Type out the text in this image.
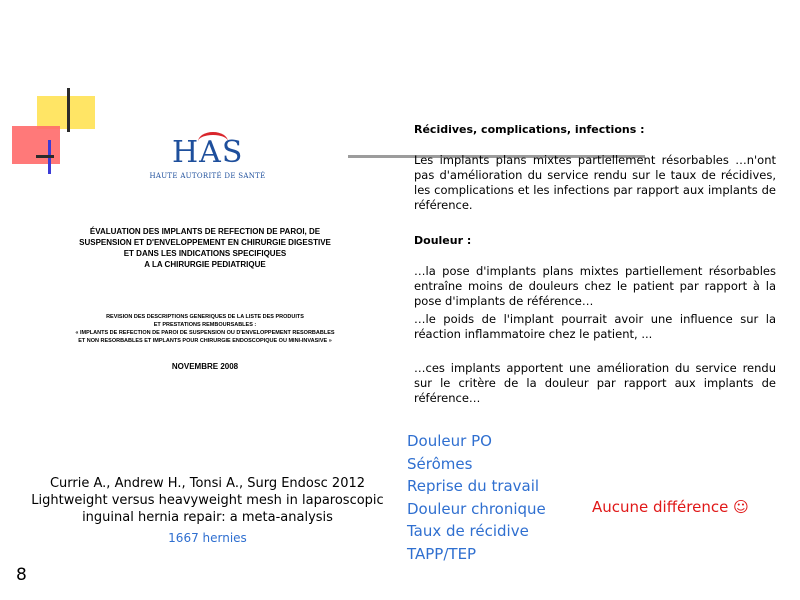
HAS
HAUTE AUTORITÉ DE SANTÉ
ÉVALUATION DES IMPLANTS DE REFECTION DE PAROI, DE
SUSPENSION ET D'ENVELOPPEMENT EN CHIRURGIE DIGESTIVE
ET DANS LES INDICATIONS SPECIFIQUES
A LA CHIRURGIE PEDIATRIQUE
REVISION DES DESCRIPTIONS GENERIQUES DE LA LISTE DES PRODUITS
ET PRESTATIONS REMBOURSABLES :
« IMPLANTS DE REFECTION DE PAROI DE SUSPENSION OU D'ENVELOPPEMENT RESORBABLES
ET NON RESORBABLES ET IMPLANTS POUR CHIRURGIE ENDOSCOPIQUE OU MINI-INVASIVE »
NOVEMBRE 2008
Currie A., Andrew H., Tonsi A., Surg Endosc 2012
Lightweight versus heavyweight mesh in laparoscopic
inguinal hernia repair: a meta-analysis
1667 hernies
Récidives, complications, infections :
Les implants plans mixtes partiellement résorbables …n'ont pas d'amélioration du service rendu sur le taux de récidives, les complications et les infections par rapport aux implants de référence.
Douleur :
…la pose d'implants plans mixtes partiellement résorbables entraîne moins de douleurs chez le patient par rapport à la pose d'implants de référence…
…le poids de l'implant pourrait avoir une influence sur la réaction inflammatoire chez le patient, ...
…ces implants apportent une amélioration du service rendu sur le critère de la douleur par rapport aux implants de référence…
Douleur PO
Sérômes
Reprise du travail
Douleur chronique
Taux de récidive
TAPP/TEP
Aucune différence ☺
8
